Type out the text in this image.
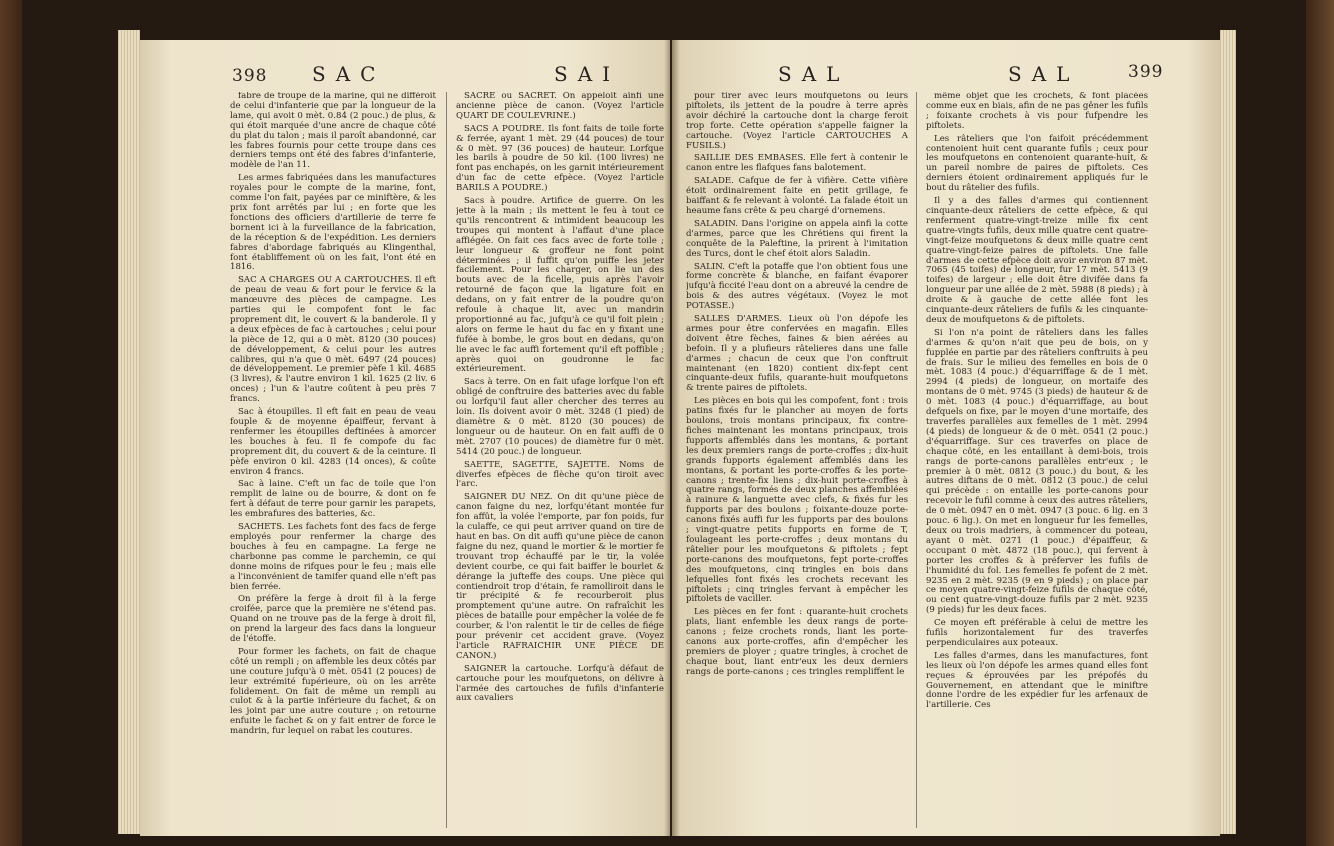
398 SAC	SAI

fabre de troupe de la marine, qui ne différoit de celui d'infanterie que par la longueur de la lame, qui avoit 0 mèt. 0.84 (2 pouc.) de plus, & qui étoit marquée d'une ancre de chaque côté du plat du talon ; mais il paroît abandonné, car les fabres fournis pour cette troupe dans ces derniers temps ont été des fabres d'infanterie, modèle de l'an 11.

Les armes fabriquées dans les manufactures royales pour le compte de la marine, font, comme l'on fait, payées par ce miniftère, & les prix font arrêtés par lui ; en forte que les fonctions des officiers d'artillerie de terre fe bornent ici à la furveillance de la fabrication, de la réception & de l'expédition. Les derniers fabres d'abordage fabriqués au Klingenthal, font établiffement où on les fait, l'ont été en 1816.

SAC A CHARGES OU A CARTOUCHES. Il eft de peau de veau & fort pour le fervice & la manœuvre des pièces de campagne. Les parties qui le compofent font le fac proprement dit, le couvert & la banderole. Il y a deux efpèces de fac à cartouches ; celui pour la pièce de 12, qui a 0 mèt. 8120 (30 pouces) de développement, & celui pour les autres calibres, qui n'a que 0 mèt. 6497 (24 pouces) de développement. Le premier pèfe 1 kil. 4685 (3 livres), & l'autre environ 1 kil. 1625 (2 liv. 6 onces) ; l'un & l'autre coûtent à peu près 7 francs.

Sac à étoupilles. Il eft fait en peau de veau fouple & de moyenne épaiffeur, fervant à renfermer les étoupilles deftinées à amorcer les bouches à feu. Il fe compofe du fac proprement dit, du couvert & de la ceinture. Il pèfe environ 0 kil. 4283 (14 onces), & coûte environ 4 francs.

Sac à laine. C'eft un fac de toile que l'on remplit de laine ou de bourre, & dont on fe fert à défaut de terre pour garnir les parapets, les embrafures des batteries, &c.

SACHETS. Les fachets font des facs de ferge employés pour renfermer la charge des bouches à feu en campagne. La ferge ne charbonne pas comme le parchemin, ce qui donne moins de rifques pour le feu ; mais elle a l'inconvénient de tamifer quand elle n'eft pas bien ferrée.

On préfère la ferge à droit fil à la ferge croifée, parce que la première ne s'étend pas. Quand on ne trouve pas de la ferge à droit fil, on prend la largeur des facs dans la longueur de l'étoffe.

Pour former les fachets, on fait de chaque côté un rempli ; on affemble les deux côtés par une couture jufqu'à 0 mèt. 0541 (2 pouces) de leur extrémité fupérieure, où on les arrête folidement. On fait de même un rempli au culot & à la partie inférieure du fachet, & on les joint par une autre couture ; on retourne enfuite le fachet & on y fait entrer de force le mandrin, fur lequel on rabat les coutures.

SACRE ou SACRET. On appeloit ainfi une ancienne pièce de canon. (Voyez l'article QUART DE COULEVRINE.)

SACS A POUDRE. Ils font faits de toile forte & ferrée, ayant 1 mèt. 29 (44 pouces) de tour & 0 mèt. 97 (36 pouces) de hauteur. Lorfque les barils à poudre de 50 kil. (100 livres) ne font pas enchapés, on les garnit intérieurement d'un fac de cette efpèce. (Voyez l'article BARILS A POUDRE.)

Sacs à poudre. Artifice de guerre. On les jette à la main ; ils mettent le feu à tout ce qu'ils rencontrent & intimident beaucoup les troupes qui montent à l'affaut d'une place affiégée. On fait ces facs avec de forte toile ; leur longueur & groffeur ne font point déterminées ; il fuffit qu'on puiffe les jeter facilement. Pour les charger, on lie un des bouts avec de la ficelle, puis après l'avoir retourné de façon que la ligature foit en dedans, on y fait entrer de la poudre qu'on refoule à chaque lit, avec un mandrin proportionné au fac, jufqu'à ce qu'il foit plein ; alors on ferme le haut du fac en y fixant une fufée à bombe, le gros bout en dedans, qu'on lie avec le fac auffi fortement qu'il eft poffible ; après quoi on goudronne le fac extérieurement.

Sacs à terre. On en fait ufage lorfque l'on eft obligé de conftruire des batteries avec du fable ou lorfqu'il faut aller chercher des terres au loin. Ils doivent avoir 0 mèt. 3248 (1 pied) de diamètre & 0 mèt. 8120 (30 pouces) de longueur ou de hauteur. On en fait auffi de 0 mèt. 2707 (10 pouces) de diamètre fur 0 mèt. 5414 (20 pouc.) de longueur.

SAETTE, SAGETTE, SAJETTE. Noms de diverfes efpèces de flèche qu'on tiroit avec l'arc.

SAIGNER DU NEZ. On dit qu'une pièce de canon faigne du nez, lorfqu'étant montée fur fon affût, la volée l'emporte, par fon poids, fur la culaffe, ce qui peut arriver quand on tire de haut en bas. On dit auffi qu'une pièce de canon faigne du nez, quand le mortier & le mortier fe trouvant trop échauffé par le tir, la volée devient courbe, ce qui fait baiffer le bourlet & dérange la jufteffe des coups. Une pièce qui contiendroit trop d'étain, fe ramolliroit dans le tir précipité & fe recourberoit plus promptement qu'une autre. On rafraîchit les pièces de bataille pour empêcher la volée de fe courber, & l'on ralentit le tir de celles de fiége pour prévenir cet accident grave. (Voyez l'article RAFRAICHIR UNE PIÈCE DE CANON.)

SAIGNER la cartouche. Lorfqu'à défaut de cartouche pour les moufquetons, on délivre à l'armée des cartouches de fufils d'infanterie aux cavaliers

SAL	SAL	399

pour tirer avec leurs moufquetons ou leurs piftolets, ils jettent de la poudre à terre après avoir déchiré la cartouche dont la charge feroit trop forte. Cette opération s'appelle faigner la cartouche. (Voyez l'article CARTOUCHES A FUSILS.)

SAILLIE DES EMBASES. Elle fert à contenir le canon entre les flafques fans balotement.

SALADE. Cafque de fer à vifière. Cette vifière étoit ordinairement faite en petit grillage, fe baiffant & fe relevant à volonté. La falade étoit un heaume fans crête & peu chargé d'ornemens.

SALADIN. Dans l'origine on appela ainfi la cotte d'armes, parce que les Chrétiens qui firent la conquête de la Paleftine, la prirent à l'imitation des Turcs, dont le chef étoit alors Saladin.

SALIN. C'eft la potaffe que l'on obtient fous une forme concrète & blanche, en faifant évaporer jufqu'à ficcité l'eau dont on a abreuvé la cendre de bois & des autres végétaux. (Voyez le mot POTASSE.)

SALLES D'ARMES. Lieux où l'on dépofe les armes pour être confervées en magafin. Elles doivent être fèches, faines & bien aérées au befoin. Il y a plufieurs râtelieres dans une falle d'armes ; chacun de ceux que l'on conftruit maintenant (en 1820) contient dix-fept cent cinquante-deux fufils, quarante-huit moufquetons & trente paires de piftolets.

Les pièces en bois qui les compofent, font : trois patins fixés fur le plancher au moyen de forts boulons, trois montans principaux, fix contre-fiches maintenant les montans principaux, trois fupports affemblés dans les montans, & portant les deux premiers rangs de porte-croffes ; dix-huit grands fupports également affemblés dans les montans, & portant les porte-croffes & les porte-canons ; trente-fix liens ; dix-huit porte-croffes à quatre rangs, formés de deux planches affemblées à rainure & languette avec clefs, & fixés fur les fupports par des boulons ; foixante-douze porte-canons fixés auffi fur les fupports par des boulons ; vingt-quatre petits fupports en forme de T, foulageant les porte-croffes ; deux montans du râtelier pour les moufquetons & piftolets ; fept porte-canons des moufquetons, fept porte-croffes des moufquetons, cinq tringles en bois dans lefquelles font fixés les crochets recevant les piftolets ; cinq tringles fervant à empêcher les piftolets de vaciller.

Les pièces en fer font : quarante-huit crochets plats, liant enfemble les deux rangs de porte-canons ; feize crochets ronds, liant les porte-canons aux porte-croffes, afin d'empêcher les premiers de ployer ; quatre tringles, à crochet de chaque bout, liant entr'eux les deux derniers rangs de porte-canons ; ces tringles rempliffent le

même objet que les crochets, & font placées comme eux en biais, afin de ne pas gêner les fufils ; foixante crochets à vis pour fufpendre les piftolets.

Les râteliers que l'on faifoit précédemment contenoient huit cent quarante fufils ; ceux pour les moufquetons en contenoient quarante-huit, & un pareil nombre de paires de piftolets. Ces derniers étoient ordinairement appliqués fur le bout du râtelier des fufils.

Il y a des falles d'armes qui contiennent cinquante-deux râteliers de cette efpèce, & qui renferment quatre-vingt-treize mille fix cent quatre-vingts fufils, deux mille quatre cent quatre-vingt-feize moufquetons & deux mille quatre cent quatre-vingt-feize paires de piftolets. Une falle d'armes de cette efpèce doit avoir environ 87 mèt. 7065 (45 toifes) de longueur, fur 17 mèt. 5413 (9 toifes) de largeur ; elle doit être divifée dans fa longueur par une allée de 2 mèt. 5988 (8 pieds) ; à droite & à gauche de cette allée font les cinquante-deux râteliers de fufils & les cinquante-deux de moufquetons & de piftolets.

Si l'on n'a point de râteliers dans les falles d'armes & qu'on n'ait que peu de bois, on y fupplée en partie par des râteliers conftruits à peu de frais. Sur le milieu des femelles en bois de 0 mèt. 1083 (4 pouc.) d'équarriffage & de 1 mèt. 2994 (4 pieds) de longueur, on mortaife des montans de 0 mèt. 9745 (3 pieds) de hauteur & de 0 mèt. 1083 (4 pouc.) d'équarriffage, au bout defquels on fixe, par le moyen d'une mortaife, des traverfes parallèles aux femelles de 1 mèt. 2994 (4 pieds) de longueur & de 0 mèt. 0541 (2 pouc.) d'équarriffage. Sur ces traverfes on place de chaque côté, en les entaillant à demi-bois, trois rangs de porte-canons parallèles entr'eux ; le premier à 0 mèt. 0812 (3 pouc.) du bout, & les autres diftans de 0 mèt. 0812 (3 pouc.) de celui qui précède : on entaille les porte-canons pour recevoir le fufil comme à ceux des autres râteliers, de 0 mèt. 0947 en 0 mèt. 0947 (3 pouc. 6 lig. en 3 pouc. 6 lig.). On met en longueur fur les femelles, deux ou trois madriers, à commencer du poteau, ayant 0 mèt. 0271 (1 pouc.) d'épaiffeur, & occupant 0 mèt. 4872 (18 pouc.), qui fervent à porter les croffes & à préferver les fufils de l'humidité du fol. Les femelles fe pofent de 2 mèt. 9235 en 2 mèt. 9235 (9 en 9 pieds) ; on place par ce moyen quatre-vingt-feize fufils de chaque côté, ou cent quatre-vingt-douze fufils par 2 mèt. 9235 (9 pieds) fur les deux faces.

Ce moyen eft préférable à celui de mettre les fufils horizontalement fur des traverfes perpendiculaires aux poteaux.

Les falles d'armes, dans les manufactures, font les lieux où l'on dépofe les armes quand elles font reçues & éprouvées par les prépofés du Gouvernement, en attendant que le miniftre donne l'ordre de les expédier fur les arfenaux de l'artillerie. Ces
